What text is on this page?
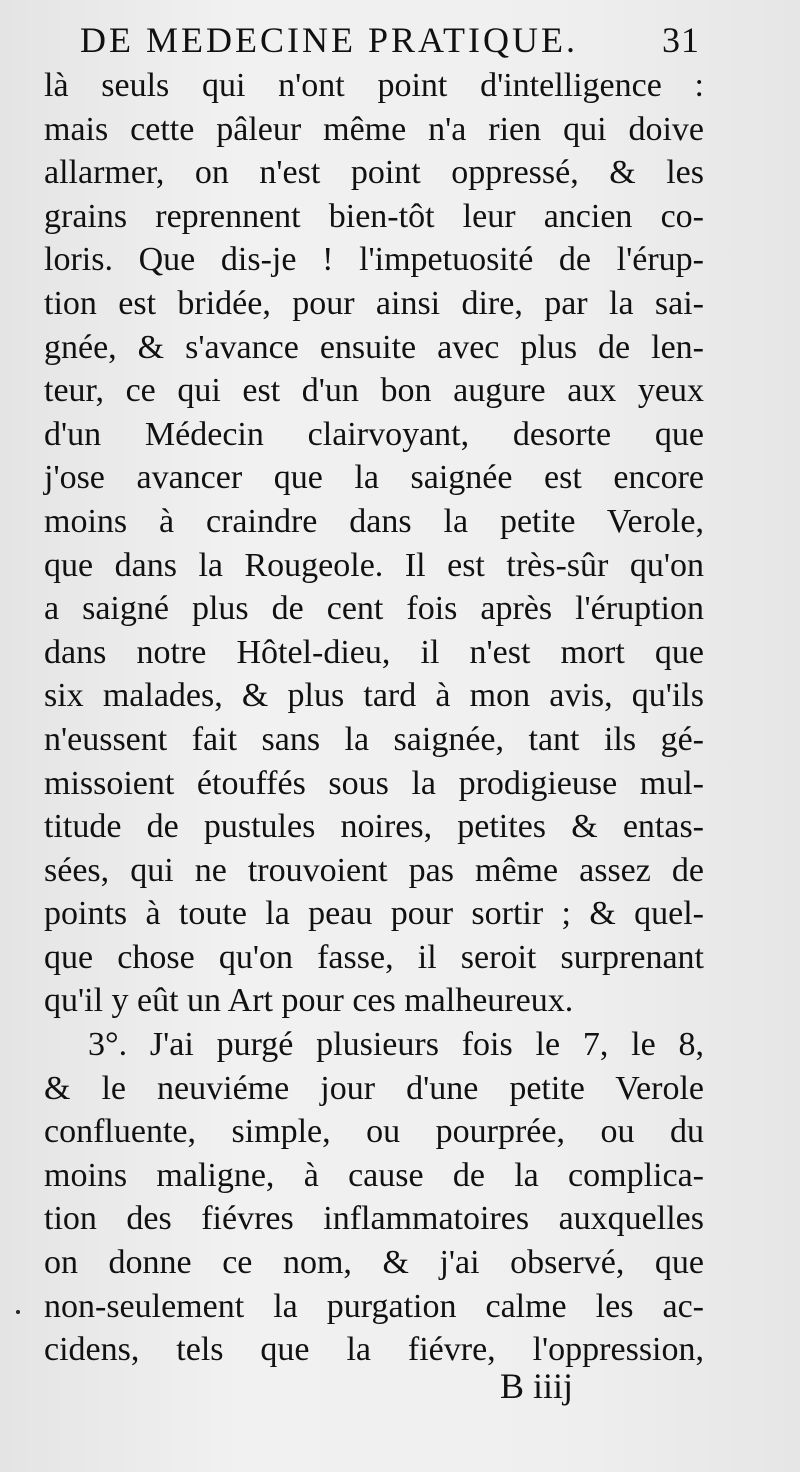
DE MEDECINE PRATIQUE. 31
là seuls qui n'ont point d'intelligence :
mais cette pâleur même n'a rien qui doive
allarmer, on n'est point oppressé, & les
grains reprennent bien-tôt leur ancien co-
loris. Que dis-je ! l'impetuosité de l'érup-
tion est bridée, pour ainsi dire, par la sai-
gnée, & s'avance ensuite avec plus de len-
teur, ce qui est d'un bon augure aux yeux
d'un Médecin clairvoyant, desorte que
j'ose avancer que la saignée est encore
moins à craindre dans la petite Verole,
que dans la Rougeole. Il est très-sûr qu'on
a saigné plus de cent fois après l'éruption
dans notre Hôtel-dieu, il n'est mort que
six malades, & plus tard à mon avis, qu'ils
n'eussent fait sans la saignée, tant ils gé-
missoient étouffés sous la prodigieuse mul-
titude de pustules noires, petites & entas-
sées, qui ne trouvoient pas même assez de
points à toute la peau pour sortir ; & quel-
que chose qu'on fasse, il seroit surprenant
qu'il y eût un Art pour ces malheureux.
3°. J'ai purgé plusieurs fois le 7, le 8,
& le neuviéme jour d'une petite Verole
confluente, simple, ou pourprée, ou du
moins maligne, à cause de la complica-
tion des fiévres inflammatoires auxquelles
on donne ce nom, & j'ai observé, que
non-seulement la purgation calme les ac-
cidens, tels que la fiévre, l'oppression,
B iiij
